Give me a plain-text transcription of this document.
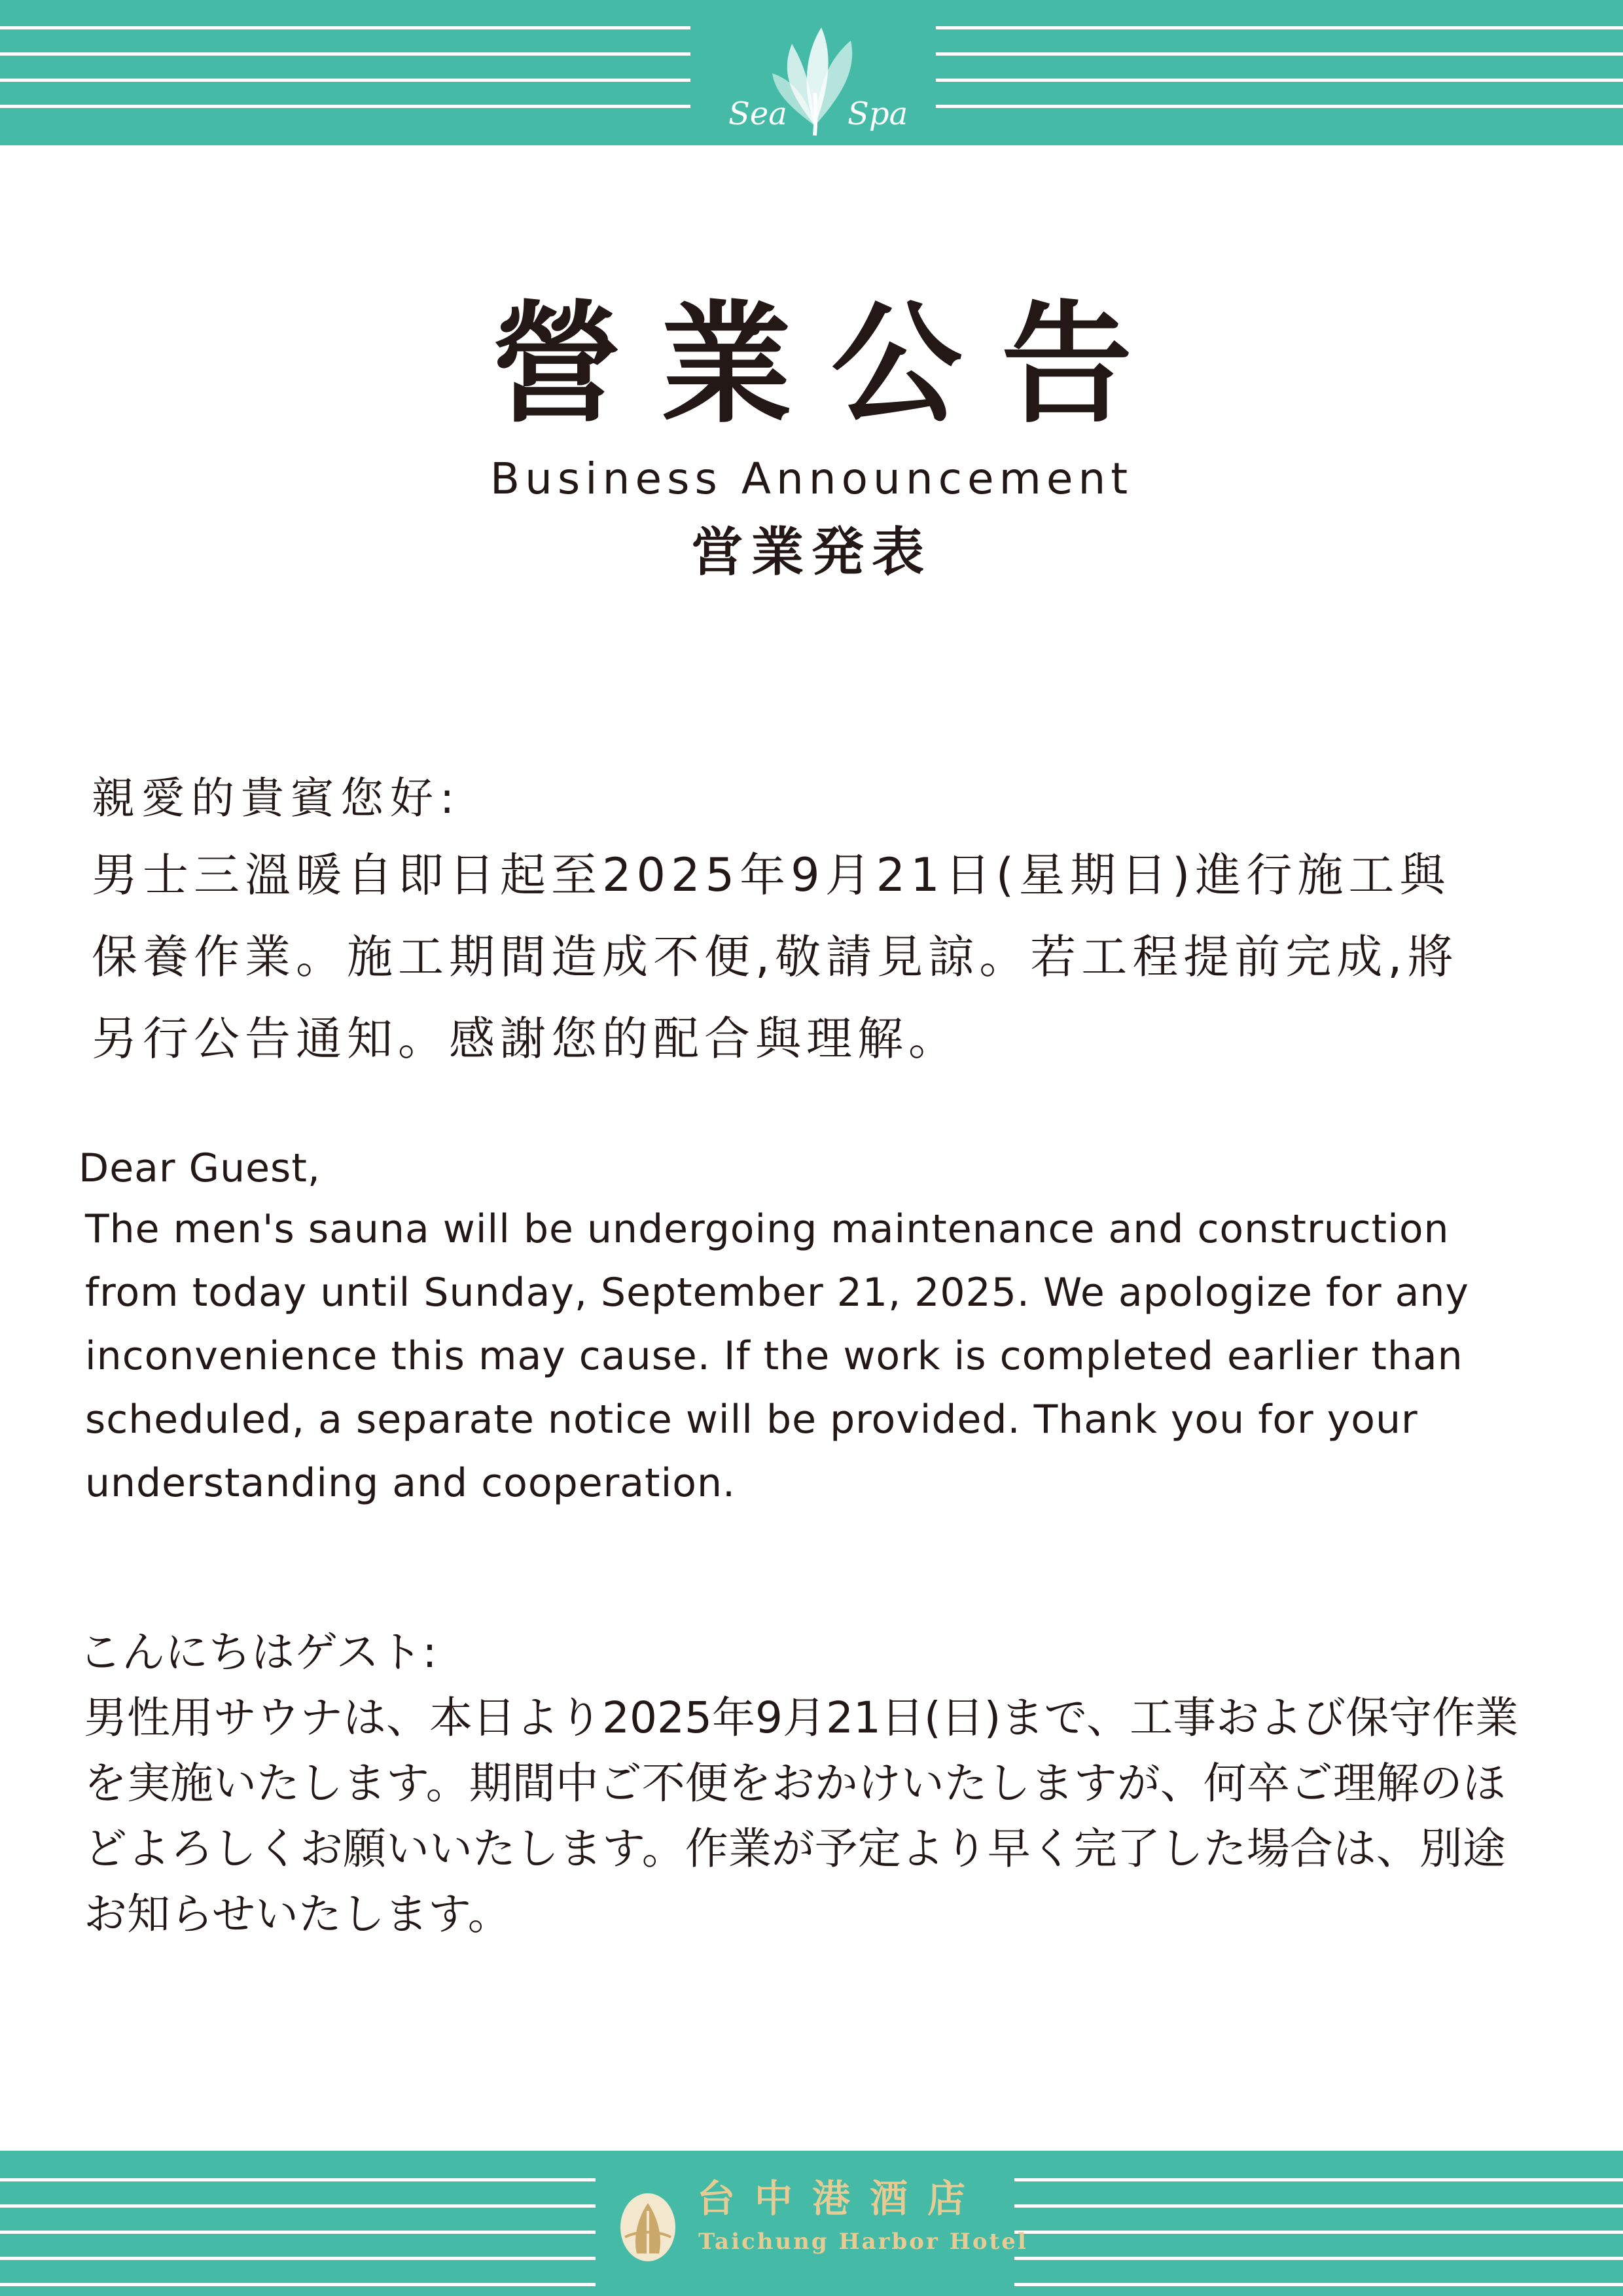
Sea Spa
營業公告
Business Announcement
営業発表

親愛的貴賓您好:

男士三溫暖自即日起至2025年9月21日(星期日)進行施工與保養作業。施工期間造成不便,敬請見諒。若工程提前完成,將另行公告通知。感謝您的配合與理解。

Dear Guest,

The men's sauna will be undergoing maintenance and construction from today until Sunday, September 21, 2025. We apologize for any inconvenience this may cause. If the work is completed earlier than scheduled, a separate notice will be provided. Thank you for your understanding and cooperation.

こんにちはゲスト:

男性用サウナは、本日より2025年9月21日(日)まで、工事および保守作業を実施いたします。期間中ご不便をおかけいたしますが、何卒ご理解のほどよろしくお願いいたします。作業が予定より早く完了した場合は、別途お知らせいたします。

台中港酒店
Taichung Harbor Hotel
